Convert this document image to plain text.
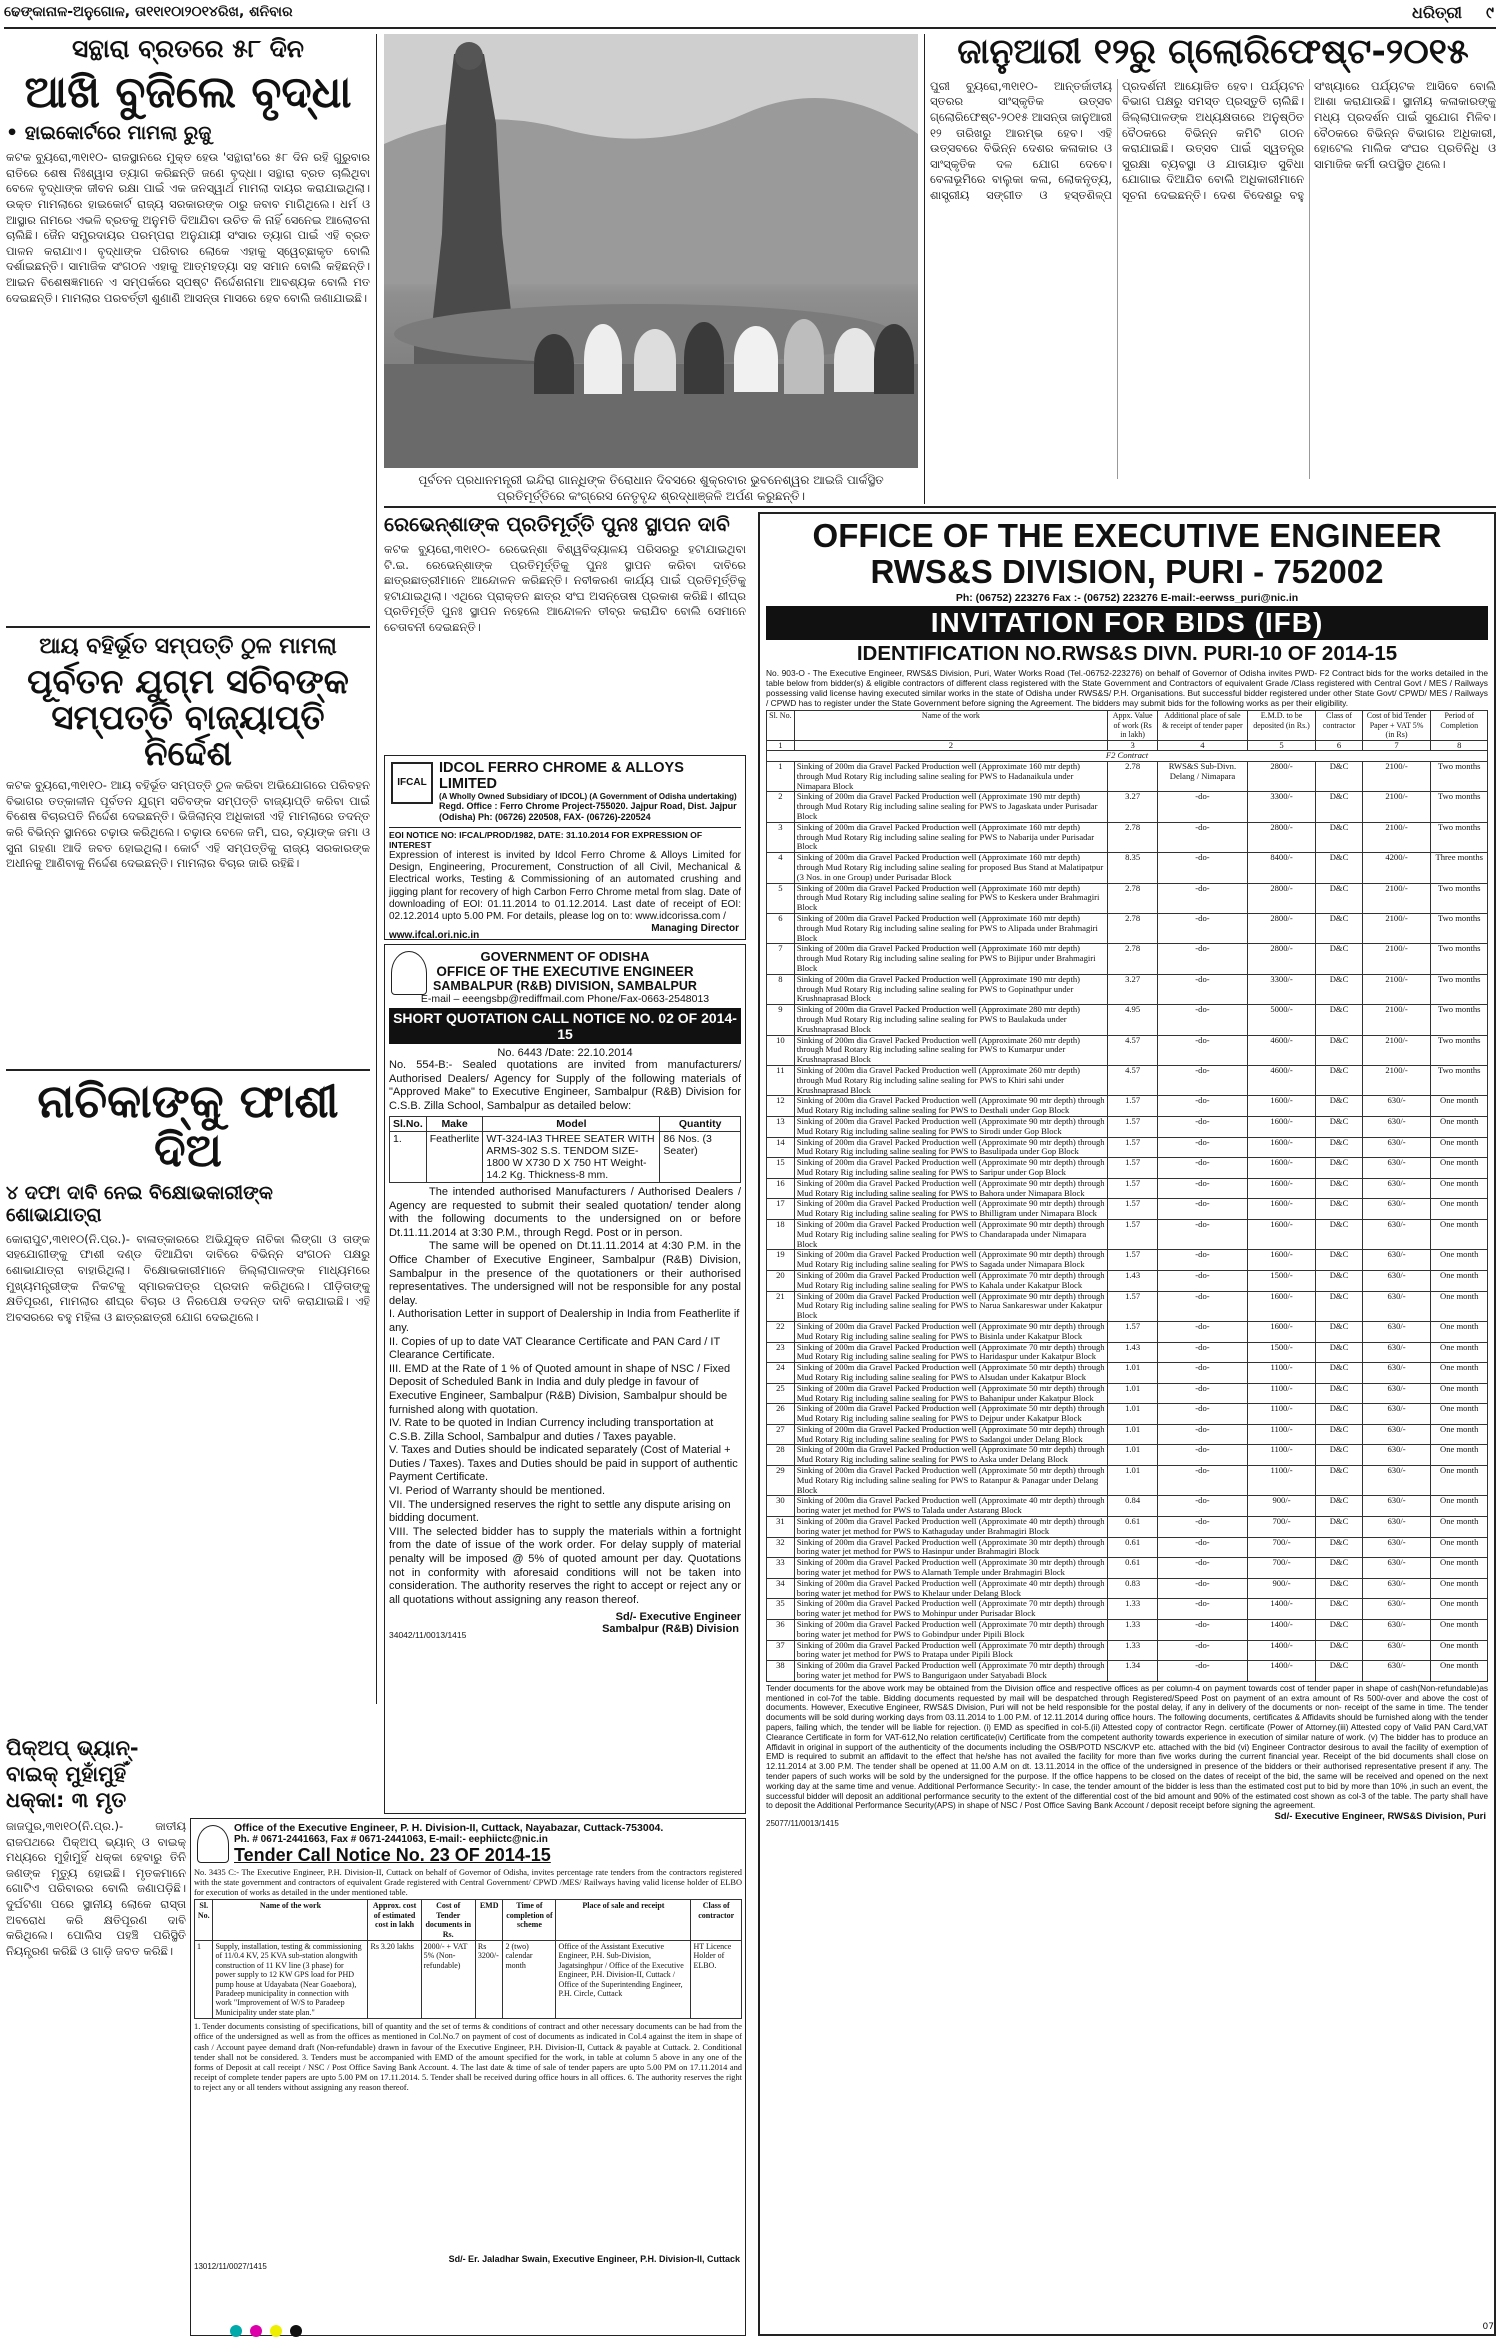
ଢେଙ୍କାନାଳ-ଅନୁଗୋଳ, ତା୧୧ା୧୦ା୨୦୧୪ରିଖ, ଶନିବାର	ଧରିତ୍ରୀ ୯
ସନ୍ଥାରା ବ୍ରତରେ ୫୮ ଦିନ
ଆଖି ବୁଜିଲେ ବୃଦ୍ଧା
• ହାଇକୋର୍ଟରେ ମାମଲା ରୁଜୁ

କଟକ ବ୍ୟୁରୋ,୩୧ା୧୦- ରାଜସ୍ଥାନରେ ମୁକ୍ତ ହେଉ 'ସନ୍ଥାରା'ରେ ୫୮ ଦିନ ରହି ଗୁରୁବାର ରାତିରେ ଶେଷ ନିଃଶ୍ୱାସ ତ୍ୟାଗ କରିଛନ୍ତି ଜଣେ ବୃଦ୍ଧା। ସନ୍ଥାରା ବ୍ରତ ଚାଲିଥିବା ବେଳେ ବୃଦ୍ଧାଙ୍କ ଜୀବନ ରକ୍ଷା ପାଇଁ ଏକ ଜନସ୍ୱାର୍ଥ ମାମଲା ଦାୟର କରାଯାଇଥିଲା। ଉକ୍ତ ମାମଲାରେ ହାଇକୋର୍ଟ ରାଜ୍ୟ ସରକାରଙ୍କ ଠାରୁ ଜବାବ ମାଗିଥିଲେ। ଧର୍ମ ଓ ଆସ୍ଥାର ନାମରେ ଏଭଳି ବ୍ରତକୁ ଅନୁମତି ଦିଆଯିବା ଉଚିତ କି ନାହିଁ ସେନେଇ ଆଲୋଚନା ଚାଲିଛି। ଜୈନ ସମ୍ପ୍ରଦାୟର ପରମ୍ପରା ଅନୁଯାୟୀ ସଂସାର ତ୍ୟାଗ ପାଇଁ ଏହି ବ୍ରତ ପାଳନ କରାଯାଏ। ବୃଦ୍ଧାଙ୍କ ପରିବାର ଲୋକେ ଏହାକୁ ସ୍ୱେଚ୍ଛାକୃତ ବୋଲି ଦର୍ଶାଇଛନ୍ତି। ସାମାଜିକ ସଂଗଠନ ଏହାକୁ ଆତ୍ମହତ୍ୟା ସହ ସମାନ ବୋଲି କହିଛନ୍ତି। ଆଇନ ବିଶେଷଜ୍ଞମାନେ ଏ ସମ୍ପର୍କରେ ସ୍ପଷ୍ଟ ନିର୍ଦ୍ଦେଶନାମା ଆବଶ୍ୟକ ବୋଲି ମତ ଦେଇଛନ୍ତି। ମାମଲାର ପରବର୍ତ୍ତୀ ଶୁଣାଣି ଆସନ୍ତା ମାସରେ ହେବ ବୋଲି ଜଣାଯାଇଛି।

ଆୟ ବହିର୍ଭୂତ ସମ୍ପତ୍ତି ଠୁଳ ମାମଲା
ପୂର୍ବତନ ଯୁଗ୍ମ ସଚିବଙ୍କ ସମ୍ପତ୍ତି ବାଜ୍ୟାପ୍ତି ନିର୍ଦ୍ଦେଶ

କଟକ ବ୍ୟୁରୋ,୩୧ା୧୦- ଆୟ ବହିର୍ଭୂତ ସମ୍ପତ୍ତି ଠୁଳ କରିବା ଅଭିଯୋଗରେ ପରିବହନ ବିଭାଗର ତତ୍କାଳୀନ ପୂର୍ବତନ ଯୁଗ୍ମ ସଚିବଙ୍କ ସମ୍ପତ୍ତି ବାଜ୍ୟାପ୍ତି କରିବା ପାଇଁ ବିଶେଷ ବିଚାରପତି ନିର୍ଦ୍ଦେଶ ଦେଇଛନ୍ତି। ଭିଜିଲାନ୍ସ ଅଧିକାରୀ ଏହି ମାମଲାରେ ତଦନ୍ତ କରି ବିଭିନ୍ନ ସ୍ଥାନରେ ଚଢ଼ାଉ କରିଥିଲେ। ଚଢ଼ାଉ ବେଳେ ଜମି, ଘର, ବ୍ୟାଙ୍କ ଜମା ଓ ସୁନା ଗହଣା ଆଦି ଜବତ ହୋଇଥିଲା। କୋର୍ଟ ଏହି ସମ୍ପତ୍ତିକୁ ରାଜ୍ୟ ସରକାରଙ୍କ ଅଧୀନକୁ ଆଣିବାକୁ ନିର୍ଦ୍ଦେଶ ଦେଇଛନ୍ତି। ମାମଲାର ବିଚାର ଜାରି ରହିଛି।

ନାଚିକାଙ୍କୁ ଫାଶୀ ଦିଅ
୪ ଦଫା ଦାବି ନେଇ ବିକ୍ଷୋଭକାରୀଙ୍କ ଶୋଭାଯାତ୍ରା

କୋରାପୁଟ,୩୧ା୧୦(ନି.ପ୍ର.)- ବାଳାତ୍କାରରେ ଅଭିଯୁକ୍ତ ନାଚିକା ଲିଙ୍ଗା ଓ ତାଙ୍କ ସହଯୋଗୀଙ୍କୁ ଫାଶୀ ଦଣ୍ଡ ଦିଆଯିବା ଦାବିରେ ବିଭିନ୍ନ ସଂଗଠନ ପକ୍ଷରୁ ଶୋଭାଯାତ୍ରା ବାହାରିଥିଲା। ବିକ୍ଷୋଭକାରୀମାନେ ଜିଲ୍ଲାପାଳଙ୍କ ମାଧ୍ୟମରେ ମୁଖ୍ୟମନ୍ତ୍ରୀଙ୍କ ନିକଟକୁ ସ୍ମାରକପତ୍ର ପ୍ରଦାନ କରିଥିଲେ। ପୀଡ଼ିତାଙ୍କୁ କ୍ଷତିପୂରଣ, ମାମଲାର ଶୀଘ୍ର ବିଚାର ଓ ନିରପେକ୍ଷ ତଦନ୍ତ ଦାବି କରାଯାଇଛି। ଏହି ଅବସରରେ ବହୁ ମହିଳା ଓ ଛାତ୍ରଛାତ୍ରୀ ଯୋଗ ଦେଇଥିଲେ।

ପିକ୍‌ଅପ୍ ଭ୍ୟାନ୍-ବାଇକ୍ ମୁହାଁମୁହିଁ ଧକ୍କା: ୩ ମୃତ

ଜାଜପୁର,୩୧ା୧୦(ନି.ପ୍ର.)- ଜାତୀୟ ରାଜପଥରେ ପିକ୍‌ଅପ୍ ଭ୍ୟାନ୍ ଓ ବାଇକ୍ ମଧ୍ୟରେ ମୁହାଁମୁହିଁ ଧକ୍କା ହେବାରୁ ତିନି ଜଣଙ୍କ ମୃତ୍ୟୁ ହୋଇଛି। ମୃତକମାନେ ଗୋଟିଏ ପରିବାରର ବୋଲି ଜଣାପଡ଼ିଛି। ଦୁର୍ଘଟଣା ପରେ ସ୍ଥାନୀୟ ଲୋକେ ରାସ୍ତା ଅବରୋଧ କରି କ୍ଷତିପୂରଣ ଦାବି କରିଥିଲେ। ପୋଲିସ ପହଞ୍ଚି ପରିସ୍ଥିତି ନିୟନ୍ତ୍ରଣ କରିଛି ଓ ଗାଡ଼ି ଜବତ କରିଛି।

ପୂର୍ବତନ ପ୍ରଧାନମନ୍ତ୍ରୀ ଇନ୍ଦିରା ଗାନ୍ଧିଙ୍କ ତିରୋଧାନ ଦିବସରେ ଶୁକ୍ରବାର ଭୁବନେଶ୍ୱର ଆଇଜି ପାର୍କସ୍ଥିତ ପ୍ରତିମୂର୍ତ୍ତିରେ କଂଗ୍ରେସ ନେତୃବୃନ୍ଦ ଶ୍ରଦ୍ଧାଞ୍ଜଳି ଅର୍ପଣ କରୁଛନ୍ତି।
ଜାନୁଆରୀ ୧୨ରୁ ଗ୍ଲୋରିଫେଷ୍ଟ-୨୦୧୫

ପୁରୀ ବ୍ୟୁରୋ,୩୧ା୧୦- ଆନ୍ତର୍ଜାତୀୟ ସ୍ତରର ସାଂସ୍କୃତିକ ଉତ୍ସବ ଗ୍ଲୋରିଫେଷ୍ଟ-୨୦୧୫ ଆସନ୍ତା ଜାନୁଆରୀ ୧୨ ତାରିଖରୁ ଆରମ୍ଭ ହେବ। ଏହି ଉତ୍ସବରେ ବିଭିନ୍ନ ଦେଶର କଳାକାର ଓ ସାଂସ୍କୃତିକ ଦଳ ଯୋଗ ଦେବେ। ବେଳାଭୂମିରେ ବାଲୁକା କଳା, ଲୋକନୃତ୍ୟ, ଶାସ୍ତ୍ରୀୟ ସଙ୍ଗୀତ ଓ ହସ୍ତଶିଳ୍ପ ପ୍ରଦର୍ଶନୀ ଆୟୋଜିତ ହେବ। ପର୍ଯ୍ୟଟନ ବିଭାଗ ପକ୍ଷରୁ ସମସ୍ତ ପ୍ରସ୍ତୁତି ଚାଲିଛି। ଜିଲ୍ଲାପାଳଙ୍କ ଅଧ୍ୟକ୍ଷତାରେ ଅନୁଷ୍ଠିତ ବୈଠକରେ ବିଭିନ୍ନ କମିଟି ଗଠନ କରାଯାଇଛି। ଉତ୍ସବ ପାଇଁ ସ୍ୱତନ୍ତ୍ର ସୁରକ୍ଷା ବ୍ୟବସ୍ଥା ଓ ଯାତାୟାତ ସୁବିଧା ଯୋଗାଇ ଦିଆଯିବ ବୋଲି ଅଧିକାରୀମାନେ ସୂଚନା ଦେଇଛନ୍ତି। ଦେଶ ବିଦେଶରୁ ବହୁ ସଂଖ୍ୟାରେ ପର୍ଯ୍ୟଟକ ଆସିବେ ବୋଲି ଆଶା କରାଯାଉଛି। ସ୍ଥାନୀୟ କଳାକାରଙ୍କୁ ମଧ୍ୟ ପ୍ରଦର୍ଶନ ପାଇଁ ସୁଯୋଗ ମିଳିବ। ବୈଠକରେ ବିଭିନ୍ନ ବିଭାଗର ଅଧିକାରୀ, ହୋଟେଲ ମାଲିକ ସଂଘର ପ୍ରତିନିଧି ଓ ସାମାଜିକ କର୍ମୀ ଉପସ୍ଥିତ ଥିଲେ।

ରେଭେନ୍‌ଶାଙ୍କ ପ୍ରତିମୂର୍ତ୍ତି ପୁନଃ ସ୍ଥାପନ ଦାବି

କଟକ ବ୍ୟୁରୋ,୩୧ା୧୦- ରେଭେନ୍‌ଶା ବିଶ୍ୱବିଦ୍ୟାଳୟ ପରିସରରୁ ହଟାଯାଇଥିବା ଟି.ଇ. ରେଭେନ୍‌ଶାଙ୍କ ପ୍ରତିମୂର୍ତ୍ତିକୁ ପୁନଃ ସ୍ଥାପନ କରିବା ଦାବିରେ ଛାତ୍ରଛାତ୍ରୀମାନେ ଆନ୍ଦୋଳନ କରିଛନ୍ତି। ନବୀକରଣ କାର୍ଯ୍ୟ ପାଇଁ ପ୍ରତିମୂର୍ତ୍ତିକୁ ହଟାଯାଇଥିଲା। ଏଥିରେ ପ୍ରାକ୍ତନ ଛାତ୍ର ସଂଘ ଅସନ୍ତୋଷ ପ୍ରକାଶ କରିଛି। ଶୀଘ୍ର ପ୍ରତିମୂର୍ତ୍ତି ପୁନଃ ସ୍ଥାପନ ନହେଲେ ଆନ୍ଦୋଳନ ତୀବ୍ର କରାଯିବ ବୋଲି ସେମାନେ ଚେତାବନୀ ଦେଇଛନ୍ତି।

IFCAL
IDCOL FERRO CHROME & ALLOYS LIMITED
(A Wholly Owned Subsidiary of IDCOL) (A Government of Odisha undertaking)
Regd. Office : Ferro Chrome Project-755020. Jajpur Road, Dist. Jajpur (Odisha) Ph: (06726) 220508, FAX- (06726)-220524
EOI NOTICE NO: IFCAL/PROD/1982, DATE: 31.10.2014 FOR EXPRESSION OF INTEREST
Expression of interest is invited by Idcol Ferro Chrome & Alloys Limited for Design, Engineering, Procurement, Construction of all Civil, Mechanical & Electrical works, Testing & Commissioning of an automated crushing and jigging plant for recovery of high Carbon Ferro Chrome metal from slag. Date of downloading of EOI: 01.11.2014 to 01.12.2014. Last date of receipt of EOI: 02.12.2014 upto 5.00 PM. For details, please log on to: www.idcorissa.com /
www.ifcal.ori.nic.in
Managing Director
GOVERNMENT OF ODISHA
OFFICE OF THE EXECUTIVE ENGINEER
SAMBALPUR (R&B) DIVISION, SAMBALPUR
E-mail – eeengsbp@rediffmail.com Phone/Fax-0663-2548013
SHORT QUOTATION CALL NOTICE NO. 02 OF 2014-15
No. 6443 /Date: 22.10.2014
No. 554-B:- Sealed quotations are invited from manufacturers/ Authorised Dealers/ Agency for Supply of the following materials of "Approved Make" to Executive Engineer, Sambalpur (R&B) Division for C.S.B. Zilla School, Sambalpur as detailed below:
Sl.No.	Make	Model	Quantity
1.	Featherlite	WT-324-IA3 THREE SEATER WITH ARMS-302 S.S. TENDOM SIZE-1800 W X730 D X 750 HT Weight-14.2 Kg. Thickness-8 mm.	86 Nos. (3 Seater)
The intended authorised Manufacturers / Authorised Dealers / Agency are requested to submit their sealed quotation/ tender along with the following documents to the undersigned on or before Dt.11.11.2014 at 3:30 P.M., through Regd. Post or in person.
The same will be opened on Dt.11.11.2014 at 4:30 P.M. in the Office Chamber of Executive Engineer, Sambalpur (R&B) Division, Sambalpur in the presence of the quotationers or their authorised representatives. The undersigned will not be responsible for any postal delay.
I. Authorisation Letter in support of Dealership in India from Featherlite if any.
II. Copies of up to date VAT Clearance Certificate and PAN Card / IT Clearance Certificate.
III. EMD at the Rate of 1 % of Quoted amount in shape of NSC / Fixed Deposit of Scheduled Bank in India and duly pledge in favour of Executive Engineer, Sambalpur (R&B) Division, Sambalpur should be furnished along with quotation.
IV. Rate to be quoted in Indian Currency including transportation at C.S.B. Zilla School, Sambalpur and duties / Taxes payable.
V. Taxes and Duties should be indicated separately (Cost of Material + Duties / Taxes). Taxes and Duties should be paid in support of authentic Payment Certificate.
VI. Period of Warranty should be mentioned.
VII. The undersigned reserves the right to settle any dispute arising on bidding document.
VIII. The selected bidder has to supply the materials within a fortnight from the date of issue of the work order. For delay supply of material penalty will be imposed @ 5% of quoted amount per day. Quotations not in conformity with aforesaid conditions will not be taken into consideration. The authority reserves the right to accept or reject any or all quotations without assigning any reason thereof.
Sd/- Executive Engineer
34042/11/0013/1415	Sambalpur (R&B) Division
Office of the Executive Engineer, P. H. Division-II, Cuttack, Nayabazar, Cuttack-753004.
Ph. # 0671-2441663, Fax # 0671-2441063, E-mail:- eephiictc@nic.in
Tender Call Notice No. 23 OF 2014-15
No. 3435 C:- The Executive Engineer, P.H. Division-II, Cuttack on behalf of Governor of Odisha, invites percentage rate tenders from the contractors registered with the state government and contractors of equivalent Grade registered with Central Government/ CPWD /MES/ Railways having valid license holder of ELBO for execution of works as detailed in the under mentioned table.
Sl. No.	Name of the work	Approx. cost of estimated cost in lakh	Cost of Tender documents in Rs.	EMD	Time of completion of scheme	Place of sale and receipt	Class of contractor
1	Supply, installation, testing & commissioning of 11/0.4 KV, 25 KVA sub-station alongwith construction of 11 KV line (3 phase) for power supply to 12 KW GPS load for PHD pump house at Udayabata (Near Goaebora), Paradeep municipality in connection with work "Improvement of W/S to Paradeep Municipality under state plan."	Rs 3.20 lakhs	2000/- + VAT 5% (Non-refundable)	Rs 3200/-	2 (two) calendar month	Office of the Assistant Executive Engineer, P.H. Sub-Division, Jagatsinghpur / Office of the Executive Engineer, P.H. Division-II, Cuttack / Office of the Superintending Engineer, P.H. Circle, Cuttack	HT Licence Holder of ELBO.
1. Tender documents consisting of specifications, bill of quantity and the set of terms & conditions of contract and other necessary documents can be had from the office of the undersigned as well as from the offices as mentioned in Col.No.7 on payment of cost of documents as indicated in Col.4 against the item in shape of cash / Account payee demand draft (Non-refundable) drawn in favour of the Executive Engineer, P.H. Division-II, Cuttack & payable at Cuttack. 2. Conditional tender shall not be considered. 3. Tenders must be accompanied with EMD of the amount specified for the work, in table at column 5 above in any one of the forms of Deposit at call receipt / NSC / Post Office Saving Bank Account. 4. The last date & time of sale of tender papers are upto 5.00 PM on 17.11.2014 and receipt of complete tender papers are upto 5.00 PM on 17.11.2014. 5. Tender shall be received during office hours in all offices. 6. The authority reserves the right to reject any or all tenders without assigning any reason thereof.
13012/11/0027/1415
Sd/- Er. Jaladhar Swain, Executive Engineer, P.H. Division-II, Cuttack
OFFICE OF THE EXECUTIVE ENGINEER
RWS&S DIVISION, PURI - 752002
Ph: (06752) 223276 Fax :- (06752) 223276 E-mail:-eerwss_puri@nic.in
INVITATION FOR BIDS (IFB)
IDENTIFICATION NO.RWS&S DIVN. PURI-10 OF 2014-15
No. 903-O - The Executive Engineer, RWS&S Division, Puri, Water Works Road (Tel.-06752-223276) on behalf of Governor of Odisha invites PWD- F2 Contract bids for the works detailed in the table below from bidder(s) & eligible contractors of different class registered with the State Government and Contractors of equivalent Grade /Class registered with Central Govt / MES / Railways possessing valid license having executed similar works in the state of Odisha under RWS&S/ P.H. Organisations. But successful bidder registered under other State Govt/ CPWD/ MES / Railways / CPWD has to register under the State Government before signing the Agreement. The bidders may submit bids for the following works as per their eligibility.
Sl. No.	Name of the work	Appx. Value of work (Rs in lakh)	Additional place of sale & receipt of tender paper	E.M.D. to be deposited (in Rs.)	Class of contractor	Cost of bid Tender Paper + VAT 5% (in Rs)	Period of Completion
1	2	3	4	5	6	7	8
F2 Contract							
1	Sinking of 200m dia Gravel Packed Production well (Approximate 160 mtr depth) through Mud Rotary Rig including saline sealing for PWS to Hadanaikula under Nimapara Block	2.78	RWS&S Sub-Divn. Delang / Nimapara	2800/-	D&C	2100/-	Two months
2	Sinking of 200m dia Gravel Packed Production well (Approximate 190 mtr depth) through Mud Rotary Rig including saline sealing for PWS to Jagaskata under Purisadar Block	3.27	-do-	3300/-	D&C	2100/-	Two months
3	Sinking of 200m dia Gravel Packed Production well (Approximate 160 mtr depth) through Mud Rotary Rig including saline sealing for PWS to Nabarija under Purisadar Block	2.78	-do-	2800/-	D&C	2100/-	Two months
4	Sinking of 200m dia Gravel Packed Production well (Approximate 160 mtr depth) through Mud Rotary Rig including saline sealing for proposed Bus Stand at Malatipatpur (3 Nos. in one Group) under Purisadar Block	8.35	-do-	8400/-	D&C	4200/-	Three months
5	Sinking of 200m dia Gravel Packed Production well (Approximate 160 mtr depth) through Mud Rotary Rig including saline sealing for PWS to Keskera under Brahmagiri Block	2.78	-do-	2800/-	D&C	2100/-	Two months
6	Sinking of 200m dia Gravel Packed Production well (Approximate 160 mtr depth) through Mud Rotary Rig including saline sealing for PWS to Alipada under Brahmagiri Block	2.78	-do-	2800/-	D&C	2100/-	Two months
7	Sinking of 200m dia Gravel Packed Production well (Approximate 160 mtr depth) through Mud Rotary Rig including saline sealing for PWS to Bijipur under Brahmagiri Block	2.78	-do-	2800/-	D&C	2100/-	Two months
8	Sinking of 200m dia Gravel Packed Production well (Approximate 190 mtr depth) through Mud Rotary Rig including saline sealing for PWS to Gopinathpur under Krushnaprasad Block	3.27	-do-	3300/-	D&C	2100/-	Two months
9	Sinking of 200m dia Gravel Packed Production well (Approximate 280 mtr depth) through Mud Rotary Rig including saline sealing for PWS to Baulakuda under Krushnaprasad Block	4.95	-do-	5000/-	D&C	2100/-	Two months
10	Sinking of 200m dia Gravel Packed Production well (Approximate 260 mtr depth) through Mud Rotary Rig including saline sealing for PWS to Kumarpur under Krushnaprasad Block	4.57	-do-	4600/-	D&C	2100/-	Two months
11	Sinking of 200m dia Gravel Packed Production well (Approximate 260 mtr depth) through Mud Rotary Rig including saline sealing for PWS to Khiri sahi under Krushnaprasad Block	4.57	-do-	4600/-	D&C	2100/-	Two months
12	Sinking of 200m dia Gravel Packed Production well (Approximate 90 mtr depth) through Mud Rotary Rig including saline sealing for PWS to Desthali under Gop Block	1.57	-do-	1600/-	D&C	630/-	One month
13	Sinking of 200m dia Gravel Packed Production well (Approximate 90 mtr depth) through Mud Rotary Rig including saline sealing for PWS to Sirodi under Gop Block	1.57	-do-	1600/-	D&C	630/-	One month
14	Sinking of 200m dia Gravel Packed Production well (Approximate 90 mtr depth) through Mud Rotary Rig including saline sealing for PWS to Basulipada under Gop Block	1.57	-do-	1600/-	D&C	630/-	One month
15	Sinking of 200m dia Gravel Packed Production well (Approximate 90 mtr depth) through Mud Rotary Rig including saline sealing for PWS to Saripur under Gop Block	1.57	-do-	1600/-	D&C	630/-	One month
16	Sinking of 200m dia Gravel Packed Production well (Approximate 90 mtr depth) through Mud Rotary Rig including saline sealing for PWS to Bahora under Nimapara Block	1.57	-do-	1600/-	D&C	630/-	One month
17	Sinking of 200m dia Gravel Packed Production well (Approximate 90 mtr depth) through Mud Rotary Rig including saline sealing for PWS to Bhilligram under Nimapara Block	1.57	-do-	1600/-	D&C	630/-	One month
18	Sinking of 200m dia Gravel Packed Production well (Approximate 90 mtr depth) through Mud Rotary Rig including saline sealing for PWS to Chandarapada under Nimapara Block	1.57	-do-	1600/-	D&C	630/-	One month
19	Sinking of 200m dia Gravel Packed Production well (Approximate 90 mtr depth) through Mud Rotary Rig including saline sealing for PWS to Sagada under Nimapara Block	1.57	-do-	1600/-	D&C	630/-	One month
20	Sinking of 200m dia Gravel Packed Production well (Approximate 70 mtr depth) through Mud Rotary Rig including saline sealing for PWS to Kahala under Kakatpur Block	1.43	-do-	1500/-	D&C	630/-	One month
21	Sinking of 200m dia Gravel Packed Production well (Approximate 90 mtr depth) through Mud Rotary Rig including saline sealing for PWS to Narua Sankareswar under Kakatpur Block	1.57	-do-	1600/-	D&C	630/-	One month
22	Sinking of 200m dia Gravel Packed Production well (Approximate 90 mtr depth) through Mud Rotary Rig including saline sealing for PWS to Bisinla under Kakatpur Block	1.57	-do-	1600/-	D&C	630/-	One month
23	Sinking of 200m dia Gravel Packed Production well (Approximate 70 mtr depth) through Mud Rotary Rig including saline sealing for PWS to Haridaspur under Kakatpur Block	1.43	-do-	1500/-	D&C	630/-	One month
24	Sinking of 200m dia Gravel Packed Production well (Approximate 50 mtr depth) through Mud Rotary Rig including saline sealing for PWS to Alsudan under Kakatpur Block	1.01	-do-	1100/-	D&C	630/-	One month
25	Sinking of 200m dia Gravel Packed Production well (Approximate 50 mtr depth) through Mud Rotary Rig including saline sealing for PWS to Bahanipur under Kakatpur Block	1.01	-do-	1100/-	D&C	630/-	One month
26	Sinking of 200m dia Gravel Packed Production well (Approximate 50 mtr depth) through Mud Rotary Rig including saline sealing for PWS to Dejpur under Kakatpur Block	1.01	-do-	1100/-	D&C	630/-	One month
27	Sinking of 200m dia Gravel Packed Production well (Approximate 50 mtr depth) through Mud Rotary Rig including saline sealing for PWS to Sadangoi under Delang Block	1.01	-do-	1100/-	D&C	630/-	One month
28	Sinking of 200m dia Gravel Packed Production well (Approximate 50 mtr depth) through Mud Rotary Rig including saline sealing for PWS to Aska under Delang Block	1.01	-do-	1100/-	D&C	630/-	One month
29	Sinking of 200m dia Gravel Packed Production well (Approximate 50 mtr depth) through Mud Rotary Rig including saline sealing for PWS to Ratanpur & Panagar under Delang Block	1.01	-do-	1100/-	D&C	630/-	One month
30	Sinking of 200m dia Gravel Packed Production well (Approximate 40 mtr depth) through boring water jet method for PWS to Talada under Astarang Block	0.84	-do-	900/-	D&C	630/-	One month
31	Sinking of 200m dia Gravel Packed Production well (Approximate 40 mtr depth) through boring water jet method for PWS to Kathaguday under Brahmagiri Block	0.61	-do-	700/-	D&C	630/-	One month
32	Sinking of 200m dia Gravel Packed Production well (Approximate 30 mtr depth) through boring water jet method for PWS to Hasinpur under Brahmagiri Block	0.61	-do-	700/-	D&C	630/-	One month
33	Sinking of 200m dia Gravel Packed Production well (Approximate 30 mtr depth) through boring water jet method for PWS to Alarnath Temple under Brahmagiri Block	0.61	-do-	700/-	D&C	630/-	One month
34	Sinking of 200m dia Gravel Packed Production well (Approximate 40 mtr depth) through boring water jet method for PWS to Khelaur under Delang Block	0.83	-do-	900/-	D&C	630/-	One month
35	Sinking of 200m dia Gravel Packed Production well (Approximate 70 mtr depth) through boring water jet method for PWS to Mohinpur under Purisadar Block	1.33	-do-	1400/-	D&C	630/-	One month
36	Sinking of 200m dia Gravel Packed Production well (Approximate 70 mtr depth) through boring water jet method for PWS to Gobindpur under Pipili Block	1.33	-do-	1400/-	D&C	630/-	One month
37	Sinking of 200m dia Gravel Packed Production well (Approximate 70 mtr depth) through boring water jet method for PWS to Pratapa under Pipili Block	1.33	-do-	1400/-	D&C	630/-	One month
38	Sinking of 200m dia Gravel Packed Production well (Approximate 70 mtr depth) through boring water jet method for PWS to Bangurigaon under Satyabadi Block	1.34	-do-	1400/-	D&C	630/-	One month
Tender documents for the above work may be obtained from the Division office and respective offices as per column-4 on payment towards cost of tender paper in shape of cash(Non-refundable)as mentioned in col-7of the table. Bidding documents requested by mail will be despatched through Registered/Speed Post on payment of an extra amount of Rs 500/-over and above the cost of documents. However, Executive Engineer, RWS&S Division, Puri will not be held responsible for the postal delay, if any in delivery of the documents or non- receipt of the same in time. The tender documents will be sold during working days from 03.11.2014 to 1.00 P.M. of 12.11.2014 during office hours. The following documents, certificates & Affidavits should be furnished along with the tender papers, failing which, the tender will be liable for rejection. (i) EMD as specified in col-5.(ii) Attested copy of contractor Regn. certificate (Power of Attorney.(iii) Attested copy of Valid PAN Card,VAT Clearance Certificate in form for VAT-612,No relation certificate(iv) Certificate from the competent authority towards experience in execution of similar nature of work. (v) The bidder has to produce an Affidavit in original in support of the authenticity of the documents including the OSB/POTD NSC/KVP etc. attached with the bid (vi) Engineer Contractor desirous to avail the facility of exemption of EMD is required to submit an affidavit to the effect that he/she has not availed the facility for more than five works during the current financial year. Receipt of the bid documents shall close on 12.11.2014 at 3.00 P.M. The tender shall be opened at 11.00 A.M on dt. 13.11.2014 in the office of the undersigned in presence of the bidders or their authorised representative present if any. The tender papers of such works will be sold by the undersigned for the purpose. If the office happens to be closed on the dates of receipt of the bid, the same will be received and opened on the next working day at the same time and venue. Additional Performance Security:- In case, the tender amount of the bidder is less than the estimated cost put to bid by more than 10% ,in such an event, the successful bidder will deposit an additional performance security to the extent of the differential cost of the bid amount and 90% of the estimated cost shown as col-3 of the table. The party shall have to deposit the Additional Performance Security(APS) in shape of NSC / Post Office Saving Bank Account / deposit receipt before signing the agreement.
25077/11/0013/1415
Sd/- Executive Engineer, RWS&S Division, Puri
07
